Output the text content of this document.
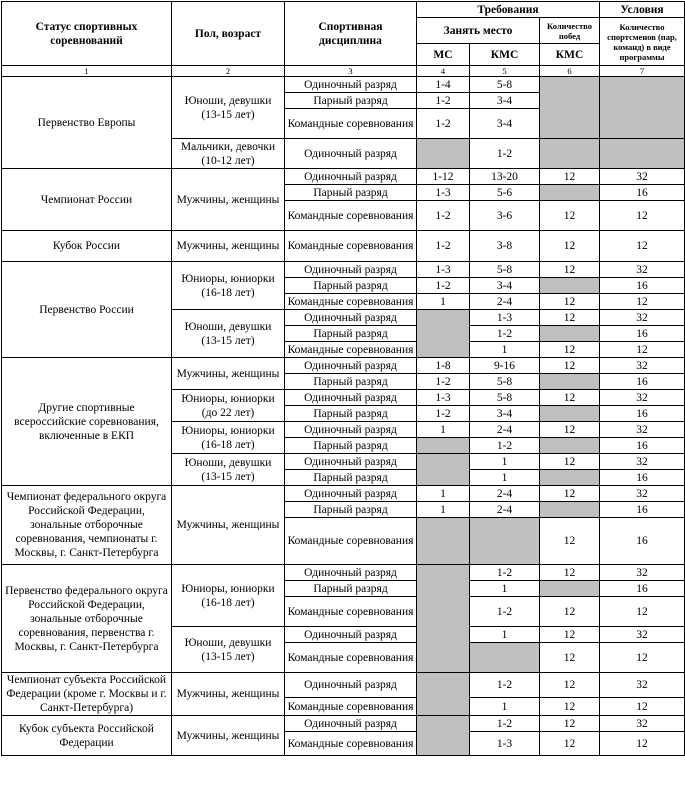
Статус спортивных соревнований	Пол, возраст	Спортивная дисциплина	Требования			Условия
			Занять место		Количество побед	Количество спортсменов (пар, команд) в виде программы
			МС	КМС	КМС	
1	2	3	4	5	6	7
Первенство Европы	Юноши, девушки (13-15 лет)	Одиночный разряд	1-4	5-8		
		Парный разряд	1-2	3-4		
		Командные соревнования	1-2	3-4		
	Мальчики, девочки (10-12 лет)	Одиночный разряд		1-2		
Чемпионат России	Мужчины, женщины	Одиночный разряд	1-12	13-20	12	32
		Парный разряд	1-3	5-6		16
		Командные соревнования	1-2	3-6	12	12
Кубок России	Мужчины, женщины	Командные соревнования	1-2	3-8	12	12
Первенство России	Юниоры, юниорки (16-18 лет)	Одиночный разряд	1-3	5-8	12	32
		Парный разряд	1-2	3-4		16
		Командные соревнования	1	2-4	12	12
	Юноши, девушки (13-15 лет)	Одиночный разряд		1-3	12	32
		Парный разряд		1-2		16
		Командные соревнования		1	12	12
Другие спортивные всероссийские соревнования, включенные в ЕКП	Мужчины, женщины	Одиночный разряд	1-8	9-16	12	32
		Парный разряд	1-2	5-8		16
	Юниоры, юниорки (до 22 лет)	Одиночный разряд	1-3	5-8	12	32
		Парный разряд	1-2	3-4		16
	Юниоры, юниорки (16-18 лет)	Одиночный разряд	1	2-4	12	32
		Парный разряд		1-2		16
	Юноши, девушки (13-15 лет)	Одиночный разряд		1	12	32
		Парный разряд		1		16
Чемпионат федерального округа Российской Федерации, зональные отборочные соревнования, чемпионаты г. Москвы, г. Санкт-Петербурга	Мужчины, женщины	Одиночный разряд	1	2-4	12	32
		Парный разряд	1	2-4		16
		Командные соревнования			12	16
Первенство федерального округа Российской Федерации, зональные отборочные соревнования, первенства г. Москвы, г. Санкт-Петербурга	Юниоры, юниорки (16-18 лет)	Одиночный разряд		1-2	12	32
		Парный разряд		1		16
		Командные соревнования		1-2	12	12
	Юноши, девушки (13-15 лет)	Одиночный разряд		1	12	32
		Командные соревнования			12	12
Чемпионат субъекта Российской Федерации (кроме г. Москвы и г. Санкт-Петербурга)	Мужчины, женщины	Одиночный разряд		1-2	12	32
		Командные соревнования		1	12	12
Кубок субъекта Российской Федерации	Мужчины, женщины	Одиночный разряд		1-2	12	32
		Командные соревнования		1-3	12	12
